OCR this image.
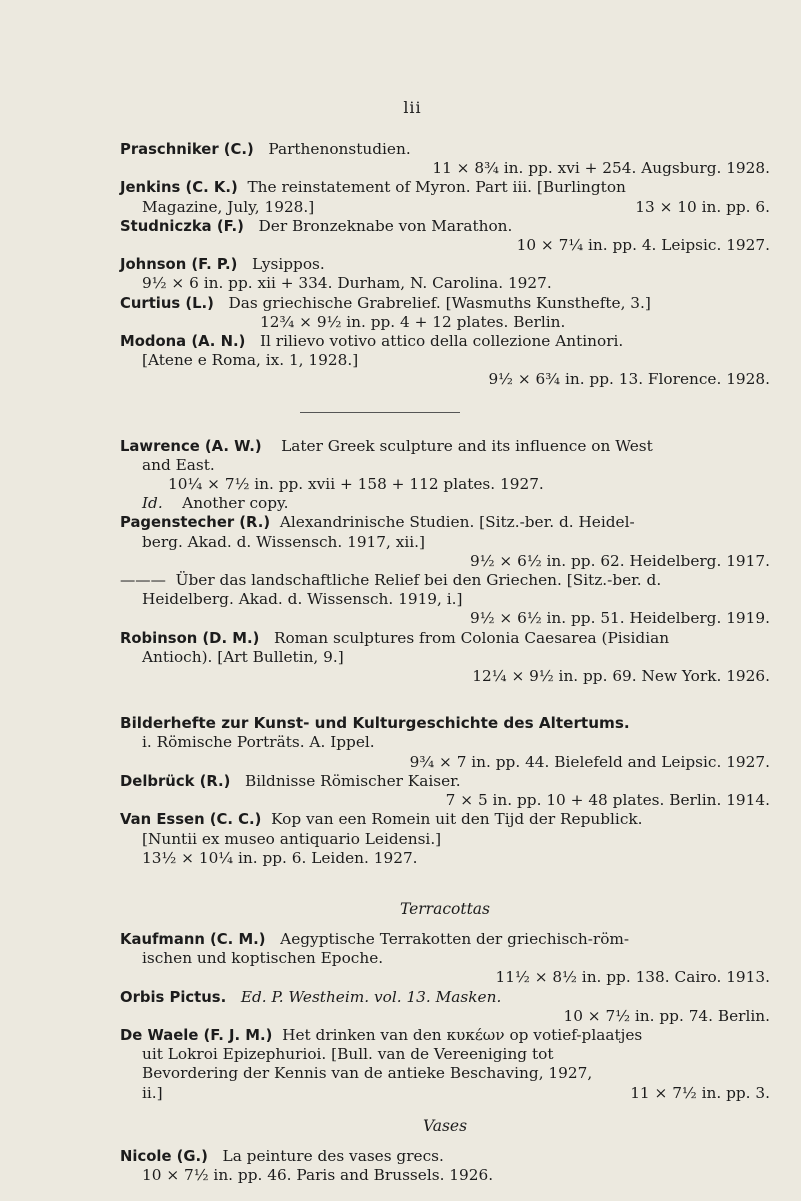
lii
Praschniker (C.) Parthenonstudien.
11 × 8¾ in. pp. xvi + 254. Augsburg. 1928.
Jenkins (C. K.) The reinstatement of Myron. Part iii. [Burlington
Magazine, July, 1928.]	13 × 10 in. pp. 6.
Studniczka (F.) Der Bronzeknabe von Marathon.
10 × 7¼ in. pp. 4. Leipsic. 1927.
Johnson (F. P.) Lysippos.
9½ × 6 in. pp. xii + 334. Durham, N. Carolina. 1927.
Curtius (L.) Das griechische Grabrelief. [Wasmuths Kunsthefte, 3.]
12¾ × 9½ in. pp. 4 + 12 plates. Berlin.
Modona (A. N.) Il rilievo votivo attico della collezione Antinori.
[Atene e Roma, ix. 1, 1928.]
9½ × 6¾ in. pp. 13. Florence. 1928.
Lawrence (A. W.) Later Greek sculpture and its influence on West
and East.
10¼ × 7½ in. pp. xvii + 158 + 112 plates. 1927.
Id. Another copy.
Pagenstecher (R.) Alexandrinische Studien. [Sitz.-ber. d. Heidel-
berg. Akad. d. Wissensch. 1917, xii.]
9½ × 6½ in. pp. 62. Heidelberg. 1917.
——— Über das landschaftliche Relief bei den Griechen. [Sitz.-ber. d.
Heidelberg. Akad. d. Wissensch. 1919, i.]
9½ × 6½ in. pp. 51. Heidelberg. 1919.
Robinson (D. M.) Roman sculptures from Colonia Caesarea (Pisidian
Antioch). [Art Bulletin, 9.]
12¼ × 9½ in. pp. 69. New York. 1926.
Bilderhefte zur Kunst- und Kulturgeschichte des Altertums.
i. Römische Porträts. A. Ippel.
9¾ × 7 in. pp. 44. Bielefeld and Leipsic. 1927.
Delbrück (R.) Bildnisse Römischer Kaiser.
7 × 5 in. pp. 10 + 48 plates. Berlin. 1914.
Van Essen (C. C.) Kop van een Romein uit den Tijd der Republick.
[Nuntii ex museo antiquario Leidensi.]
13½ × 10¼ in. pp. 6. Leiden. 1927.
Terracottas
Kaufmann (C. M.) Aegyptische Terrakotten der griechisch-röm-
ischen und koptischen Epoche.
11½ × 8½ in. pp. 138. Cairo. 1913.
Orbis Pictus. Ed. P. Westheim. vol. 13. Masken.
10 × 7½ in. pp. 74. Berlin.
De Waele (F. J. M.) Het drinken van den κυκέων op votief-plaatjes
uit Lokroi Epizephurioi. [Bull. van de Vereeniging tot
Bevordering der Kennis van de antieke Beschaving, 1927,
ii.]	11 × 7½ in. pp. 3.
Vases
Nicole (G.) La peinture des vases grecs.
10 × 7½ in. pp. 46. Paris and Brussels. 1926.
